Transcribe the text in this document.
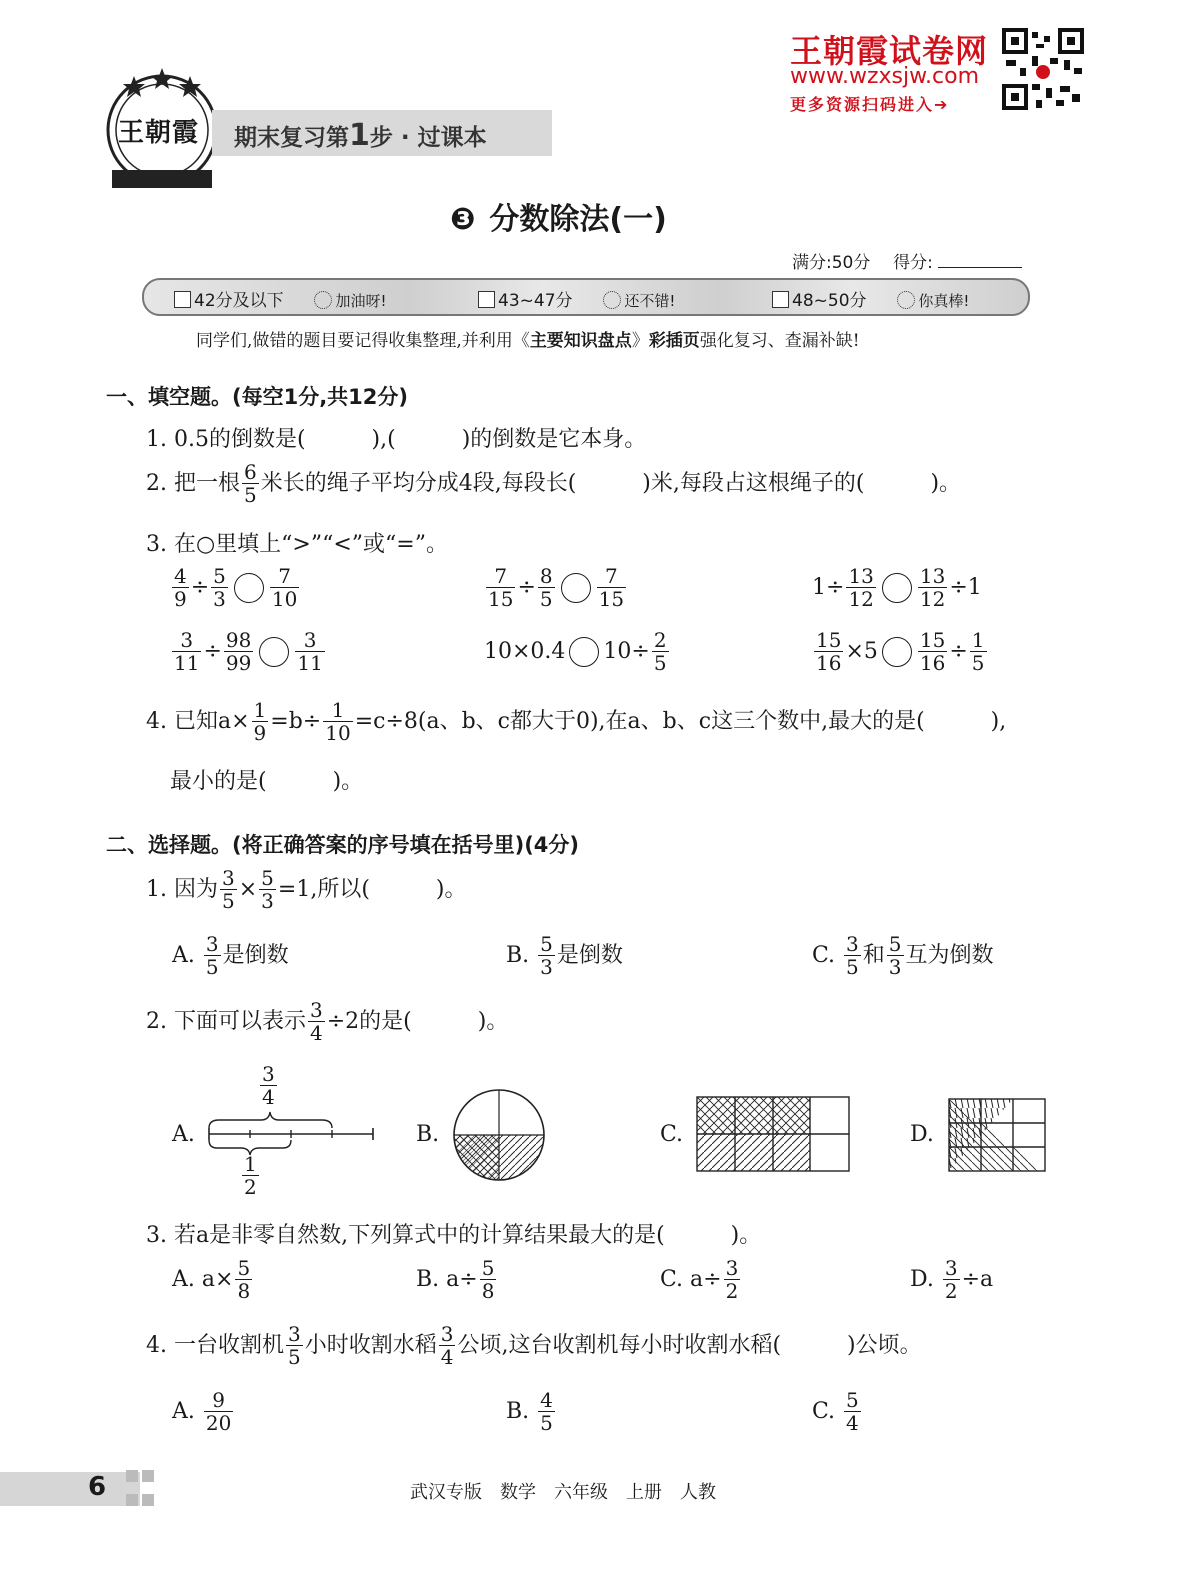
王朝霞 期末复习第1步 · 过课本
王朝霞试卷网
www.wzxsjw.com
更多资源扫码进入➔
❸ 分数除法(一)
满分:50分 得分:
42分及以下	加油呀!	43~47分	还不错!	48~50分	你真棒!
同学们,做错的题目要记得收集整理,并利用《主要知识盘点》彩插页强化复习、查漏补缺!
一、填空题。(每空1分,共12分)
1. 0.5的倒数是(　　　),(　　　)的倒数是它本身。
2. 把一根 $\frac{6}{5}$ 米长的绳子平均分成4段,每段长(　　　)米,每段占这根绳子的(　　　)。
3. 在○里填上“>”“<”或“=”。
$\frac{4}{9} \div \frac{5}{3} \frac{7}{10}$	$\frac{7}{15} \div \frac{8}{5} \frac{7}{15}$	$1\div \frac{13}{12} \frac{13}{12} \div 1$
$\frac{3}{11} \div \frac{98}{99} \frac{3}{11}$	10×0.4 $10\div \frac{2}{5}$	$\frac{15}{16} \times 5 \frac{15}{16} \div \frac{1}{5}$
4. 已知$a\times \frac{1}{9} =b\div \frac{1}{10} =c\div 8(a$、b、c都大于0),在a、b、c这三个数中,最大的是(　　　),
最小的是(　　　)。
二、选择题。(将正确答案的序号填在括号里)(4分)
1. 因为 $\frac{3}{5} \times \frac{5}{3} =1$,所以(　　　)。
A. $\frac{3}{5}$ 是倒数	B. $\frac{5}{3}$ 是倒数	C. $\frac{3}{5}$ 和 $\frac{5}{3}$ 互为倒数
2. 下面可以表示 $\frac{3}{4} \div 2$的是(　　　)。
A.	B.	C.	D.
$\frac{3}{4}$
$\frac{1}{2}$
3. 若a是非零自然数,下列算式中的计算结果最大的是(　　　)。
A. $a\times \frac{5}{8}$	B. $a\div \frac{5}{8}$	C. $a\div \frac{3}{2}$	D. $\frac{3}{2} \div a$
4. 一台收割机 $\frac{3}{5}$ 小时收割水稻 $\frac{3}{4}$ 公顷,这台收割机每小时收割水稻(　　　)公顷。
A. $\frac{9}{20}$	B. $\frac{4}{5}$	C. $\frac{5}{4}$
6	武汉专版　数学　六年级　上册　人教
